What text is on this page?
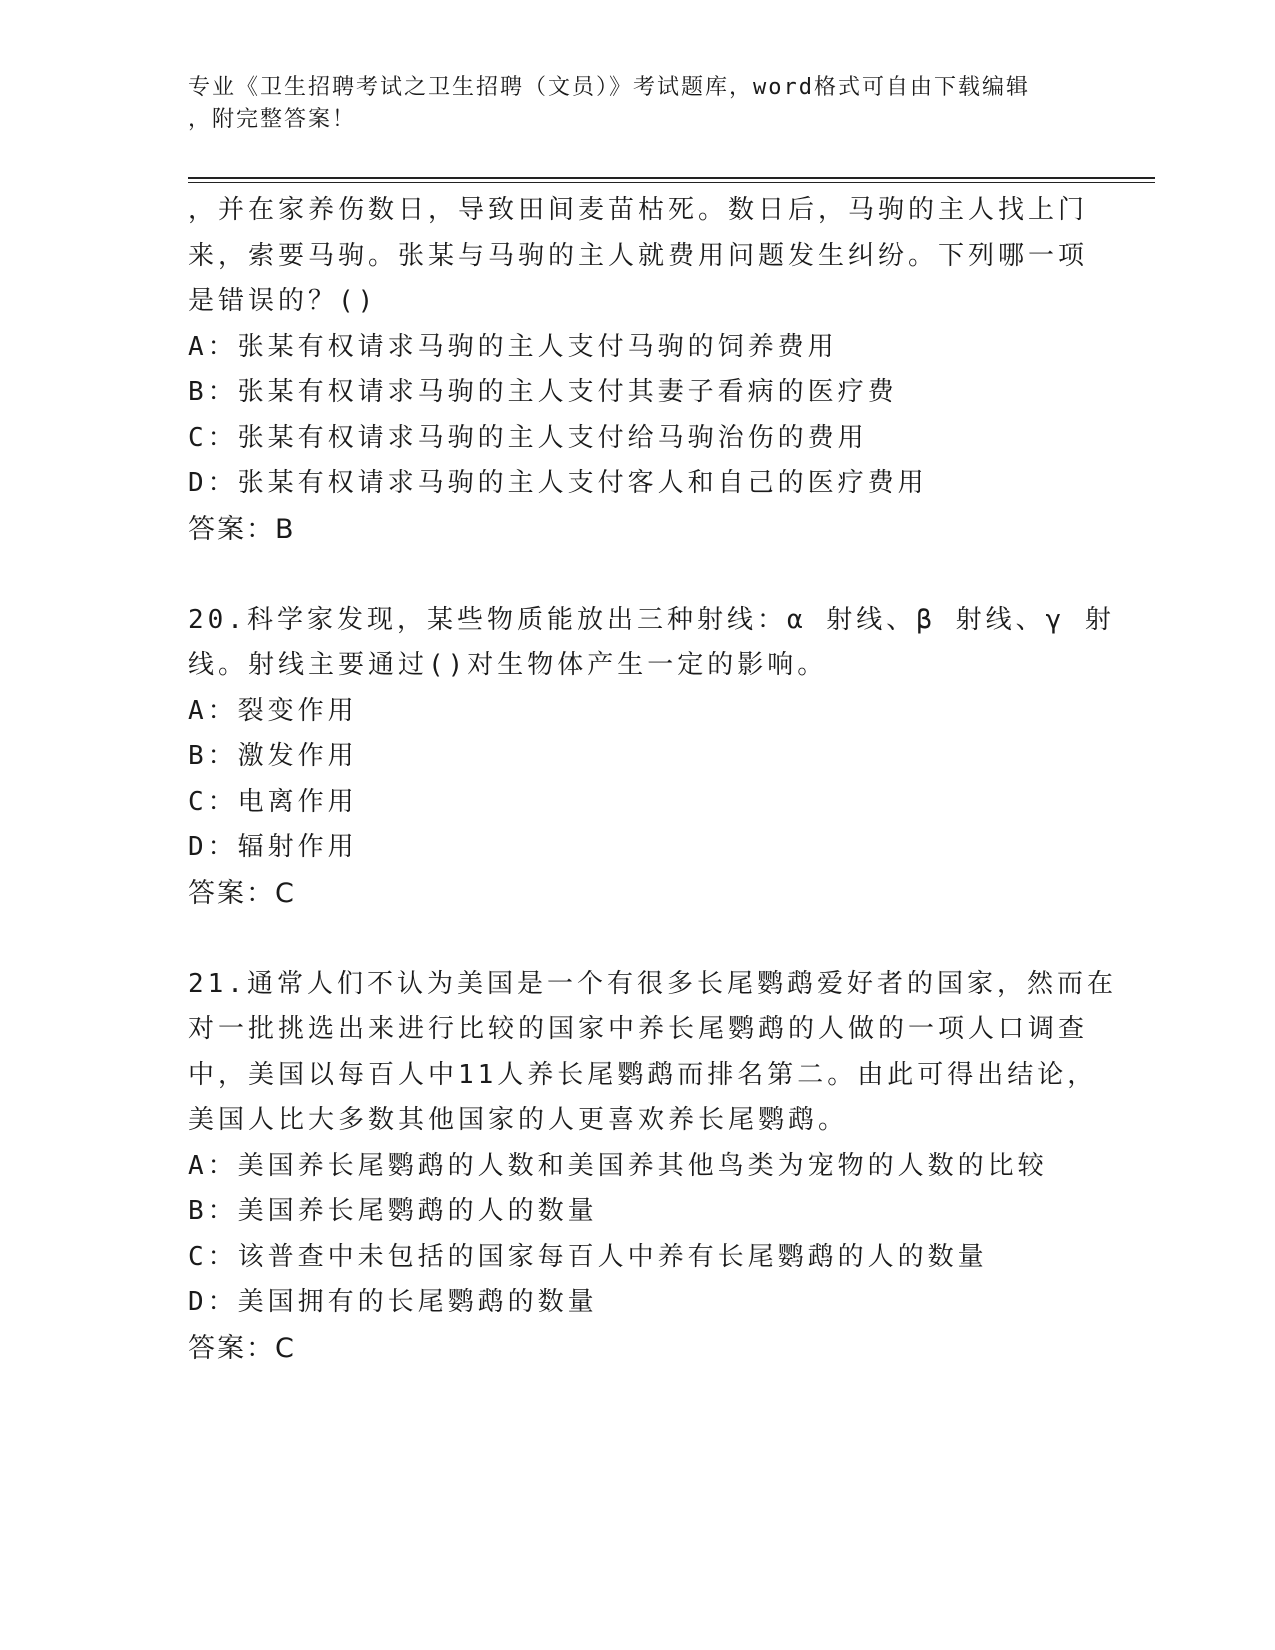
专业《卫生招聘考试之卫生招聘（文员）》考试题库，word格式可自由下载编辑
，附完整答案！
，并在家养伤数日，导致田间麦苗枯死。数日后，马驹的主人找上门
来，索要马驹。张某与马驹的主人就费用问题发生纠纷。下列哪一项
是错误的？()
A：张某有权请求马驹的主人支付马驹的饲养费用
B：张某有权请求马驹的主人支付其妻子看病的医疗费
C：张某有权请求马驹的主人支付给马驹治伤的费用
D：张某有权请求马驹的主人支付客人和自己的医疗费用
答案：B
20.科学家发现，某些物质能放出三种射线：α 射线、β 射线、γ 射
线。射线主要通过()对生物体产生一定的影响。
A：裂变作用
B：激发作用
C：电离作用
D：辐射作用
答案：C
21.通常人们不认为美国是一个有很多长尾鹦鹉爱好者的国家，然而在
对一批挑选出来进行比较的国家中养长尾鹦鹉的人做的一项人口调查
中，美国以每百人中11人养长尾鹦鹉而排名第二。由此可得出结论，
美国人比大多数其他国家的人更喜欢养长尾鹦鹉。
A：美国养长尾鹦鹉的人数和美国养其他鸟类为宠物的人数的比较
B：美国养长尾鹦鹉的人的数量
C：该普查中未包括的国家每百人中养有长尾鹦鹉的人的数量
D：美国拥有的长尾鹦鹉的数量
答案：C
